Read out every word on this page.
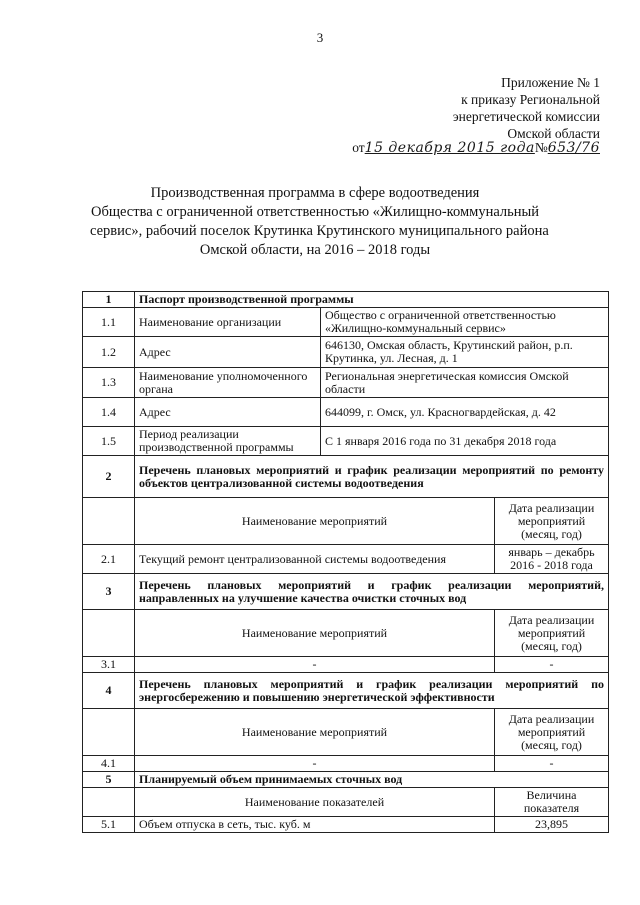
3
Приложение № 1
к приказу Региональной
энергетической комиссии
Омской области
от15 декабря 2015 года№653/76
Производственная программа в сфере водоотведения
Общества с ограниченной ответственностью «Жилищно-коммунальный
сервис», рабочий поселок Крутинка Крутинского муниципального района
Омской области, на 2016 – 2018 годы
1	Паспорт производственной программы		
1.1	Наименование организации	Общество с ограниченной ответственностью «Жилищно-коммунальный сервис»	
1.2	Адрес	646130, Омская область, Крутинский район, р.п. Крутинка, ул. Лесная, д. 1	
1.3	Наименование уполномоченного органа	Региональная энергетическая комиссия Омской области	
1.4	Адрес	644099, г. Омск, ул. Красногвардейская, д. 42	
1.5	Период реализации производственной программы	С 1 января 2016 года по 31 декабря 2018 года	
2	Перечень плановых мероприятий и график реализации мероприятий по ремонту объектов централизованной системы водоотведения		
	Наименование мероприятий		Дата реализации мероприятий (месяц, год)
2.1	Текущий ремонт централизованной системы водоотведения		январь – декабрь 2016 - 2018 года
3	Перечень плановых мероприятий и график реализации мероприятий, направленных на улучшение качества очистки сточных вод		
	Наименование мероприятий		Дата реализации мероприятий (месяц, год)
3.1	-		-
4	Перечень плановых мероприятий и график реализации мероприятий по энергосбережению и повышению энергетической эффективности		
	Наименование мероприятий		Дата реализации мероприятий (месяц, год)
4.1	-		-
5	Планируемый объем принимаемых сточных вод		
	Наименование показателей		Величина показателя
5.1	Объем отпуска в сеть, тыс. куб. м		23,895
